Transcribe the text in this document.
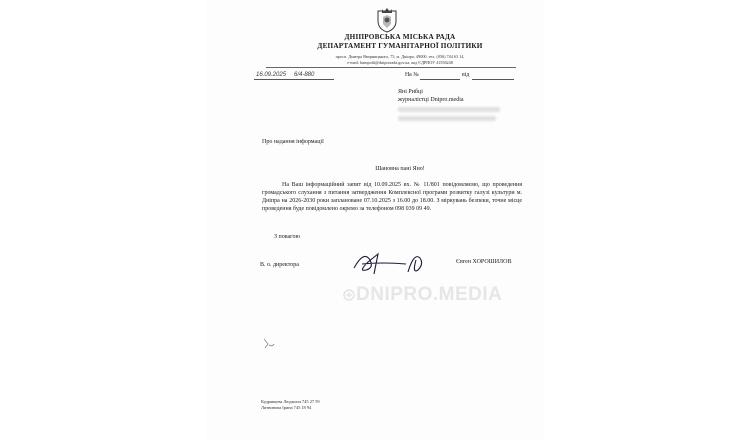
ДНІПРОВСЬКА МІСЬКА РАДА
ДЕПАРТАМЕНТ ГУМАНІТАРНОЇ ПОЛІТИКИ
просп. Дмитра Яворницького, 75, м. Дніпро, 49000, тел. (056) 744 63 14,
e-mail: humpolit@dniprorada.gov.ua, код ЄДРПОУ 41556248
16.09.2025 6/4-880	На №	від
Яні Рибці
журналістці Dnipro.media
Про надання інформації
Шановна пані Яно!

На Ваш інформаційний запит від 10.09.2025 вх. № 11/801 повідомляємо, що проведення громадського слухання з питання затвердження Комплексної програми розвитку галузі культури м. Дніпра на 2026-2030 роки заплановане 07.10.2025 з 16.00 до 18.00. З міркувань безпеки, точне місце проведення буде повідомлено окремо за телефоном 098 039 09 49.

З повагою
В. о. директора	Євген ХОРОШИЛОВ
DNIPRO.MEDIA
Кудрявцева Людмила 745 27 59
Литвинова Ірина 745 18 94
